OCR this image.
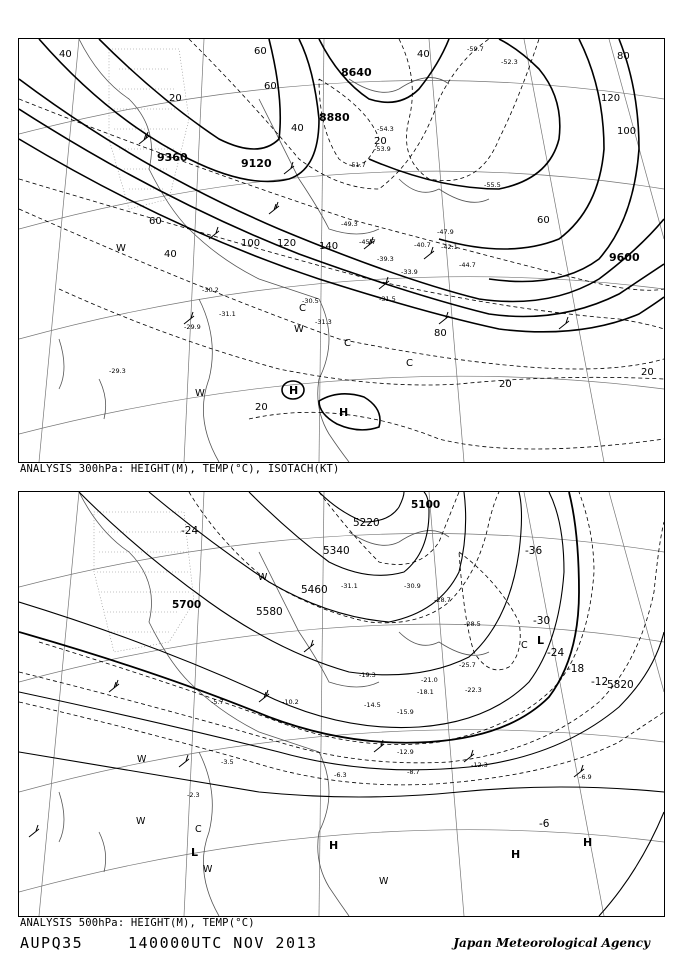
9360	9120
8880
8640
9600
40	60
20
60
40
20
40
100 120 140
100
120
60
80
40
60
80
20
20
20
H
H
W
W
W
C
C
C
-59.7
-55.5
-52.3
-54.3
-53.9
-51.7
-47.9
-49.3
-45.7
-39.3
-33.9
-31.5
-31.3
-30.5
-29.9
-29.3
-44.7
-42.1
-40.7
-31.1
-30.2
ANALYSIS 300hPa: HEIGHT(M), TEMP(°C), ISOTACH(KT)
5700
5580
5460
5340
5220
5100
5820
-24
-30
-36
-24
-18
-12
-6
L
L
H
H
H
W
W
W
W
W
C
C
-31.1	-30.9
-28.7
-28.5
-25.7
-22.3
-21.0
-19.3
-18.1
-15.9
-14.5
-12.9
-10.2
-8.7
-6.9
-6.3
-5.7
-3.5
-2.3
-12.3
ANALYSIS 500hPa: HEIGHT(M), TEMP(°C)
AUPQ35	140000UTC NOV 2013	Japan Meteorological Agency
